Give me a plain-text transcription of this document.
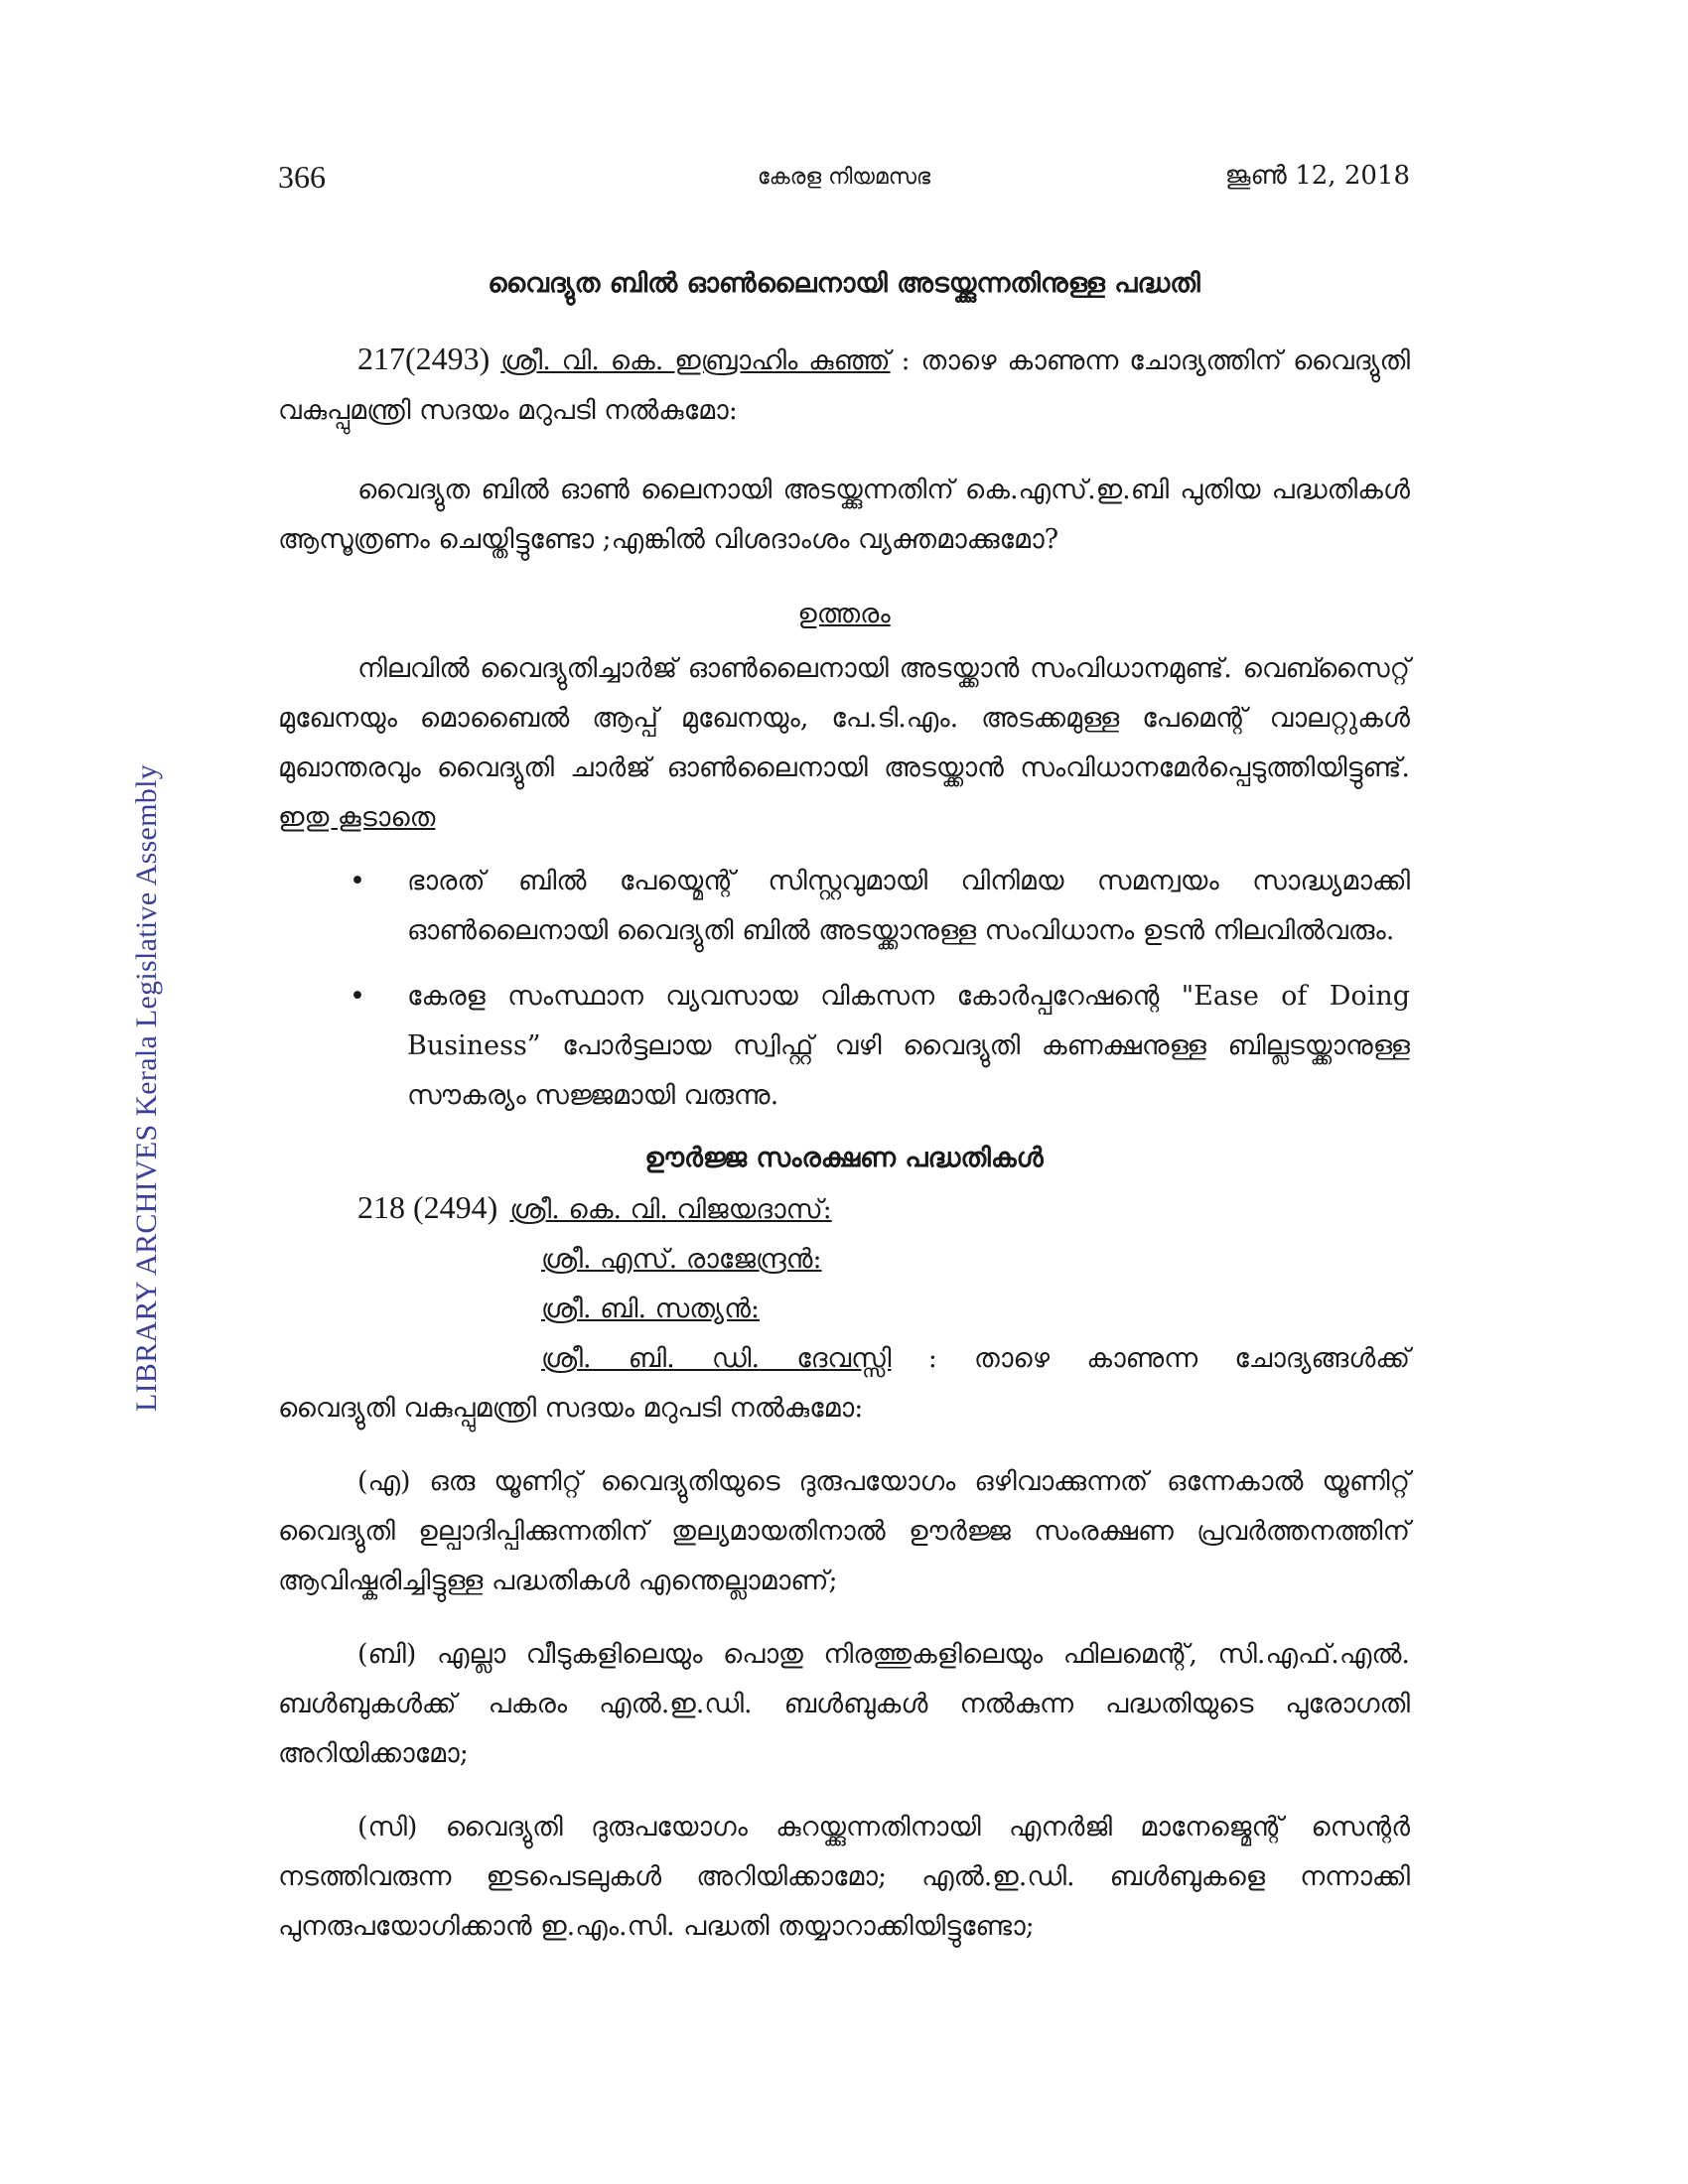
LIBRARY ARCHIVES Kerala Legislative Assembly
366	കേരള നിയമസഭ	ജൂൺ 12, 2018
വൈദ്യുത ബിൽ ഓൺലൈനായി അടയ്ക്കുന്നതിനുള്ള പദ്ധതി

217(2493) ശ്രീ. വി. കെ. ഇബ്രാഹിം കുഞ്ഞ് : താഴെ കാണുന്ന ചോദ്യത്തിന് വൈദ്യുതി വകുപ്പുമന്ത്രി സദയം മറുപടി നൽകുമോ:

വൈദ്യുത ബിൽ ഓൺ ലൈനായി അടയ്ക്കുന്നതിന് കെ.എസ്.ഇ.ബി പുതിയ പദ്ധതികൾ ആസൂത്രണം ചെയ്തിട്ടുണ്ടോ ;എങ്കിൽ വിശദാംശം വ്യക്തമാക്കുമോ?

ഉത്തരം

നിലവിൽ വൈദ്യുതിച്ചാർജ് ഓൺലൈനായി അടയ്ക്കാൻ സംവിധാനമുണ്ട്. വെബ്സൈറ്റ് മുഖേനയും മൊബൈൽ ആപ്പ് മുഖേനയും, പേ.ടി.എം. അടക്കമുള്ള പേമെന്റ് വാലറ്റുകൾ മുഖാന്തരവും വൈദ്യുതി ചാർജ് ഓൺലൈനായി അടയ്ക്കാൻ സംവിധാനമേർപ്പെടുത്തിയിട്ടുണ്ട്. ഇതു കൂടാതെ

• ഭാരത് ബിൽ പേയ്മെന്റ് സിസ്റ്റവുമായി വിനിമയ സമന്വയം സാദ്ധ്യമാക്കി ഓൺലൈനായി വൈദ്യുതി ബിൽ അടയ്ക്കാനുള്ള സംവിധാനം ഉടൻ നിലവിൽവരും.
• കേരള സംസ്ഥാന വ്യവസായ വികസന കോർപ്പറേഷന്റെ "Ease of Doing Business” പോർട്ടലായ സ്വിഫ്റ്റ് വഴി വൈദ്യുതി കണക്ഷനുള്ള ബില്ലടയ്ക്കാനുള്ള സൗകര്യം സജ്ജമായി വരുന്നു.
ഊർജ്ജ സംരക്ഷണ പദ്ധതികൾ
218 (2494) ശ്രീ. കെ. വി. വിജയദാസ്:
ശ്രീ. എസ്. രാജേന്ദ്രൻ:
ശ്രീ. ബി. സത്യൻ:
ശ്രീ. ബി. ഡി. ദേവസ്സി : താഴെ കാണുന്ന ചോദ്യങ്ങൾക്ക്
വൈദ്യുതി വകുപ്പുമന്ത്രി സദയം മറുപടി നൽകുമോ:

(എ) ഒരു യൂണിറ്റ് വൈദ്യുതിയുടെ ദുരുപയോഗം ഒഴിവാക്കുന്നത് ഒന്നേകാൽ യൂണിറ്റ് വൈദ്യുതി ഉല്പാദിപ്പിക്കുന്നതിന് തുല്യമായതിനാൽ ഊർജ്ജ സംരക്ഷണ പ്രവർത്തനത്തിന് ആവിഷ്കരിച്ചിട്ടുള്ള പദ്ധതികൾ എന്തെല്ലാമാണ്;

(ബി) എല്ലാ വീടുകളിലെയും പൊതു നിരത്തുകളിലെയും ഫിലമെന്റ്, സി.എഫ്.എൽ. ബൾബുകൾക്ക് പകരം എൽ.ഇ.ഡി. ബൾബുകൾ നൽകുന്ന പദ്ധതിയുടെ പുരോഗതി അറിയിക്കാമോ;

(സി) വൈദ്യുതി ദുരുപയോഗം കുറയ്ക്കുന്നതിനായി എനർജി മാനേജ്മെന്റ് സെന്റർ നടത്തിവരുന്ന ഇടപെടലുകൾ അറിയിക്കാമോ; എൽ.ഇ.ഡി. ബൾബുകളെ നന്നാക്കി പുനരുപയോഗിക്കാൻ ഇ.എം.സി. പദ്ധതി തയ്യാറാക്കിയിട്ടുണ്ടോ;
